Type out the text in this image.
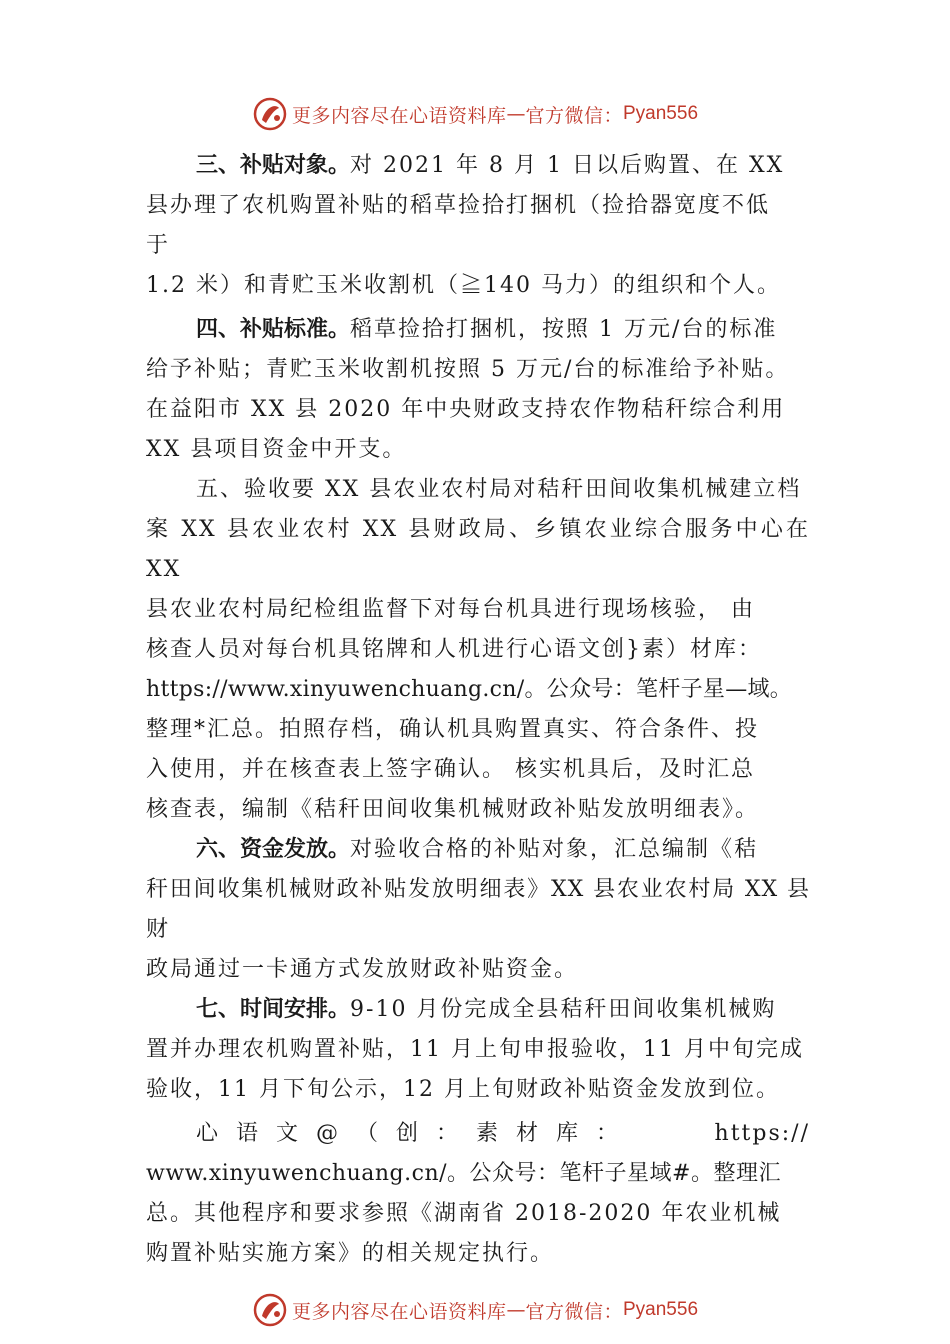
更多内容尽在心语资料库 — 官方微信： Pyan556

三、补贴对象。对 2021 年 8 月 1 日以后购置、在 XX

县办理了农机购置补贴的稻草捡拾打捆机（捡拾器宽度不低

于

1.2 米）和青贮玉米收割机（≧140 马力）的组织和个人。

四、补贴标准。稻草捡拾打捆机，按照 1 万元/台的标准

给予补贴；青贮玉米收割机按照 5 万元/台的标准给予补贴。

在益阳市 XX 县 2020 年中央财政支持农作物秸秆综合利用

XX 县项目资金中开支。

五、验收要 XX 县农业农村局对秸秆田间收集机械建立档

案 XX 县农业农村 XX 县财政局、乡镇农业综合服务中心在 XX

县农业农村局纪检组监督下对每台机具进行现场核验， 由

核查人员对每台机具铭牌和人机进行心语文创}素）材库：

https://www.xinyuwenchuang.cn/。公众号：笔杆子星—域。

整理*汇总。拍照存档，确认机具购置真实、符合条件、投

入使用，并在核查表上签字确认。 核实机具后，及时汇总

核查表，编制《秸秆田间收集机械财政补贴发放明细表》。

六、资金发放。对验收合格的补贴对象，汇总编制《秸

秆田间收集机械财政补贴发放明细表》XX 县农业农村局 XX 县财

政局通过一卡通方式发放财政补贴资金。

七、时间安排。9-10 月份完成全县秸秆田间收集机械购

置并办理农机购置补贴，11 月上旬申报验收，11 月中旬完成

验收，11 月下旬公示，12 月上旬财政补贴资金发放到位。

心语文@（创：素材库：	https://

www.xinyuwenchuang.cn/。公众号：笔杆子星域#。整理汇

总。其他程序和要求参照《湖南省 2018-2020 年农业机械

购置补贴实施方案》的相关规定执行。

更多内容尽在心语资料库 — 官方微信： Pyan556
